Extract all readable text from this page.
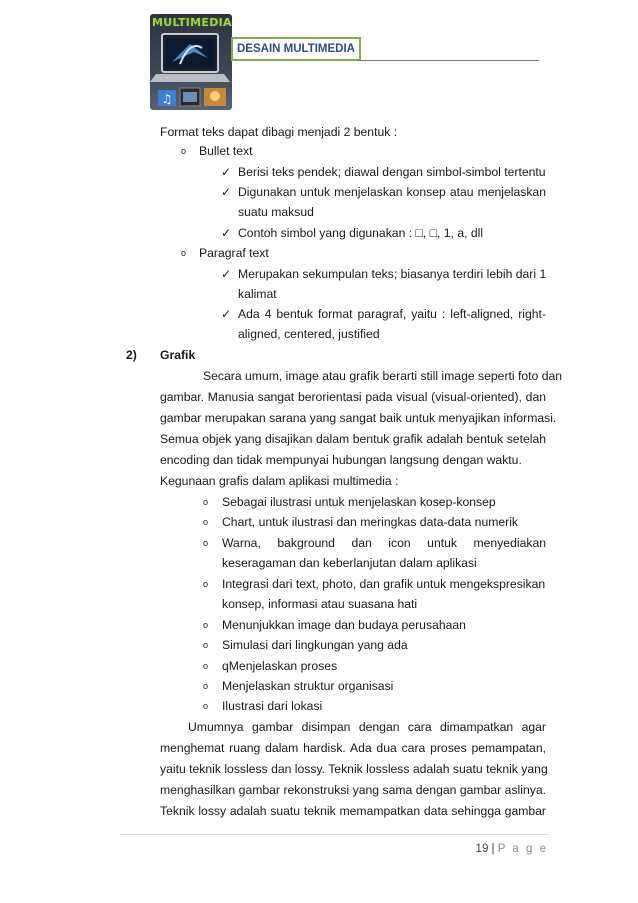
MULTIMEDIA
♫
DESAIN MULTIMEDIA
Format teks dapat dibagi menjadi 2 bentuk :
o Bullet text
✓ Berisi teks pendek; diawal dengan simbol-simbol tertentu
✓ Digunakan untuk menjelaskan konsep atau menjelaskan
suatu maksud
✓ Contoh simbol yang digunakan : □, □, 1, a, dll
o Paragraf text
✓ Merupakan sekumpulan teks; biasanya terdiri lebih dari 1
kalimat
✓ Ada 4 bentuk format paragraf, yaitu : left-aligned, right-
aligned, centered, justified
2) Grafik
Secara umum, image atau grafik berarti still image seperti foto dan
gambar. Manusia sangat berorientasi pada visual (visual-oriented), dan
gambar merupakan sarana yang sangat baik untuk menyajikan informasi.
Semua objek yang disajikan dalam bentuk grafik adalah bentuk setelah
encoding dan tidak mempunyai hubungan langsung dengan waktu.
Kegunaan grafis dalam aplikasi multimedia :
o Sebagai ilustrasi untuk menjelaskan kosep-konsep
o Chart, untuk ilustrasi dan meringkas data-data numerik
o Warna, bakground dan icon untuk menyediakan
keseragaman dan keberlanjutan dalam aplikasi
o Integrasi dari text, photo, dan grafik untuk mengekspresikan
konsep, informasi atau suasana hati
o Menunjukkan image dan budaya perusahaan
o Simulasi dari lingkungan yang ada
o qMenjelaskan proses
o Menjelaskan struktur organisasi
o Ilustrasi dari lokasi
Umumnya gambar disimpan dengan cara dimampatkan agar
menghemat ruang dalam hardisk. Ada dua cara proses pemampatan,
yaitu teknik lossless dan lossy. Teknik lossless adalah suatu teknik yang
menghasilkan gambar rekonstruksi yang sama dengan gambar aslinya.
Teknik lossy adalah suatu teknik memampatkan data sehingga gambar
19 | P a g e
